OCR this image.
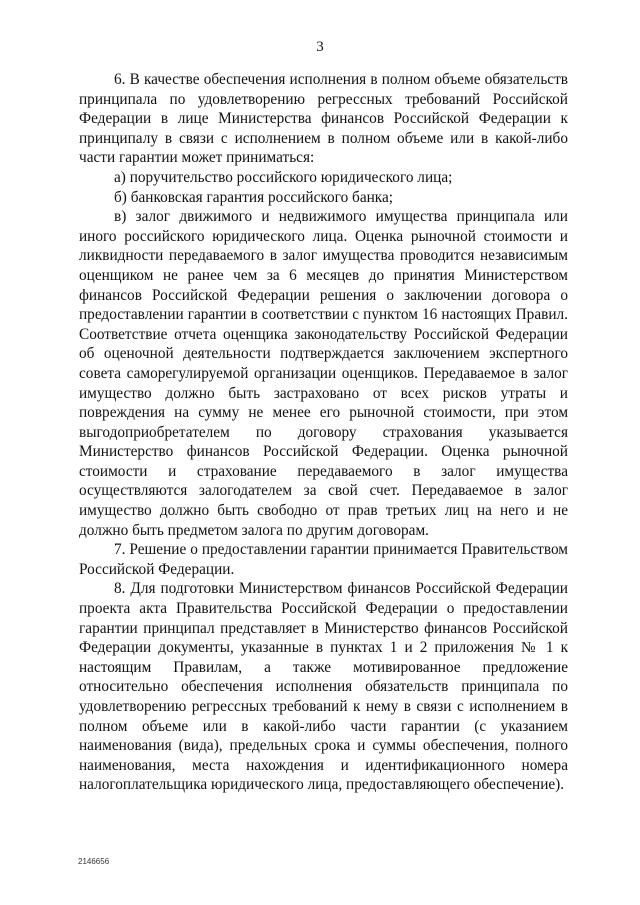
3

6. В качестве обеспечения исполнения в полном объеме обязательств принципала по удовлетворению регрессных требований Российской Федерации в лице Министерства финансов Российской Федерации к принципалу в связи с исполнением в полном объеме или в какой-либо части гарантии может приниматься:

а) поручительство российского юридического лица;

б) банковская гарантия российского банка;

в) залог движимого и недвижимого имущества принципала или иного российского юридического лица. Оценка рыночной стоимости и ликвидности передаваемого в залог имущества проводится независимым оценщиком не ранее чем за 6 месяцев до принятия Министерством финансов Российской Федерации решения о заключении договора о предоставлении гарантии в соответствии с пунктом 16 настоящих Правил. Соответствие отчета оценщика законодательству Российской Федерации об оценочной деятельности подтверждается заключением экспертного совета саморегулируемой организации оценщиков. Передаваемое в залог имущество должно быть застраховано от всех рисков утраты и повреждения на сумму не менее его рыночной стоимости, при этом выгодоприобретателем по договору страхования указывается Министерство финансов Российской Федерации. Оценка рыночной стоимости и страхование передаваемого в залог имущества осуществляются залогодателем за свой счет. Передаваемое в залог имущество должно быть свободно от прав третьих лиц на него и не должно быть предметом залога по другим договорам.

7. Решение о предоставлении гарантии принимается Правительством Российской Федерации.

8. Для подготовки Министерством финансов Российской Федерации проекта акта Правительства Российской Федерации о предоставлении гарантии принципал представляет в Министерство финансов Российской Федерации документы, указанные в пунктах 1 и 2 приложения № 1 к настоящим Правилам, а также мотивированное предложение относительно обеспечения исполнения обязательств принципала по удовлетворению регрессных требований к нему в связи с исполнением в полном объеме или в какой-либо части гарантии (с указанием наименования (вида), предельных срока и суммы обеспечения, полного наименования, места нахождения и идентификационного номера налогоплательщика юридического лица, предоставляющего обеспечение).

2146656
